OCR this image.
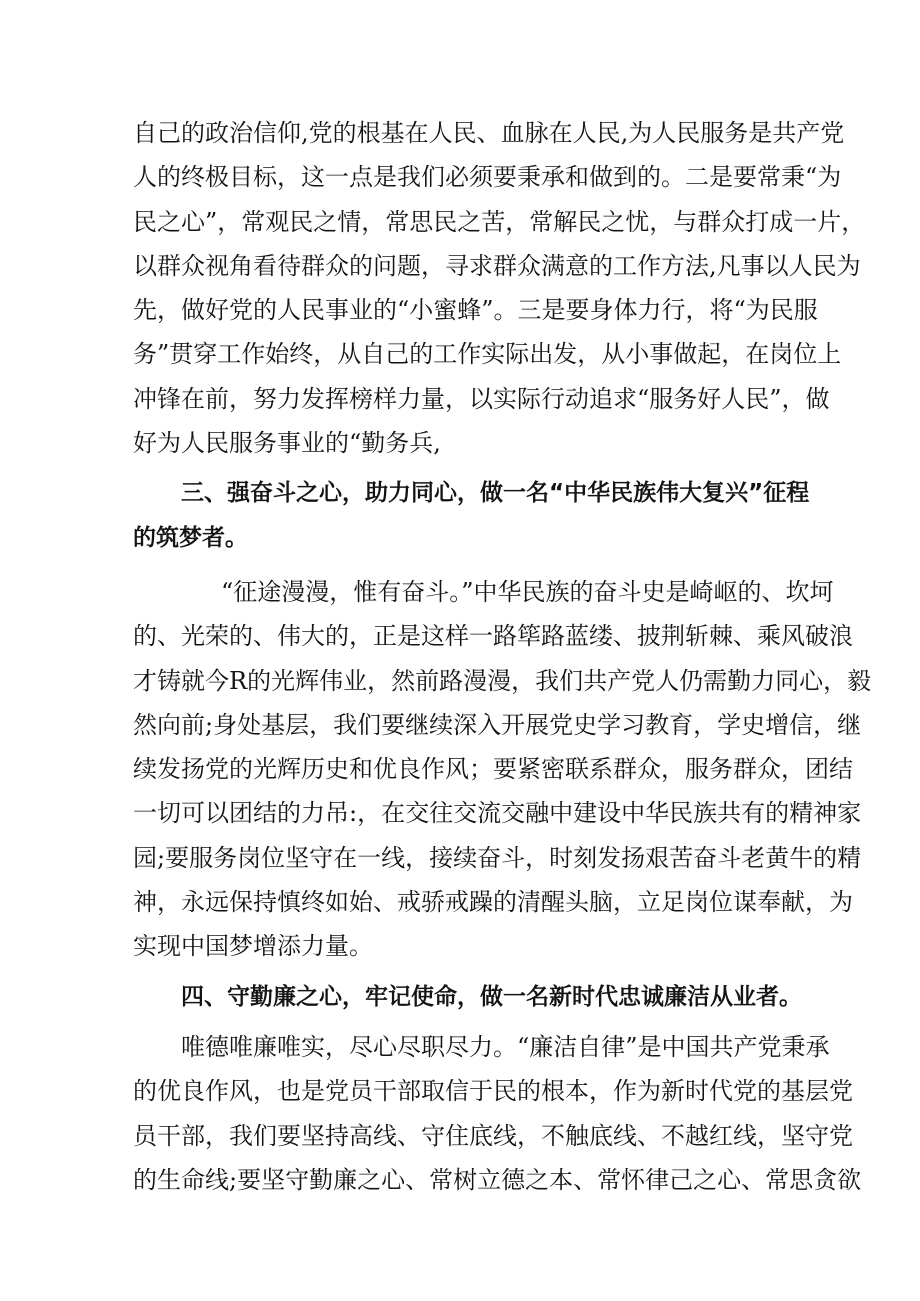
自己的政治信仰,党的根基在人民、血脉在人民,为人民服务是共产党
人的终极目标，这一点是我们必须要秉承和做到的。二是要常秉“为
民之心”，常观民之情，常思民之苦，常解民之忧，与群众打成一片，
以群众视角看待群众的问题，寻求群众满意的工作方法,凡事以人民为
先，做好党的人民事业的“小蜜蜂”。三是要身体力行，将“为民服
务”贯穿工作始终，从自己的工作实际出发，从小事做起，在岗位上
冲锋在前，努力发挥榜样力量，以实际行动追求“服务好人民”，做
好为人民服务事业的“勤务兵,
三、强奋斗之心，助力同心，做一名“中华民族伟大复兴”征程
的筑梦者。
“征途漫漫，惟有奋斗。”中华民族的奋斗史是崎岖的、坎坷
的、光荣的、伟大的，正是这样一路筚路蓝缕、披荆斩棘、乘风破浪
才铸就今R的光辉伟业，然前路漫漫，我们共产党人仍需勤力同心，毅
然向前;身处基层，我们要继续深入开展党史学习教育，学史增信，继
续发扬党的光辉历史和优良作风；要紧密联系群众，服务群众，团结
一切可以团结的力吊:，在交往交流交融中建设中华民族共有的精神家
园;要服务岗位坚守在一线，接续奋斗，时刻发扬艰苦奋斗老黄牛的精
神，永远保持慎终如始、戒骄戒躁的清醒头脑，立足岗位谋奉献，为
实现中国梦增添力量。
四、守勤廉之心，牢记使命，做一名新时代忠诚廉洁从业者。
唯德唯廉唯实，尽心尽职尽力。“廉洁自律”是中国共产党秉承
的优良作风，也是党员干部取信于民的根本，作为新时代党的基层党
员干部，我们要坚持高线、守住底线，不触底线、不越红线，坚守党
的生命线;要坚守勤廉之心、常树立德之本、常怀律己之心、常思贪欲
